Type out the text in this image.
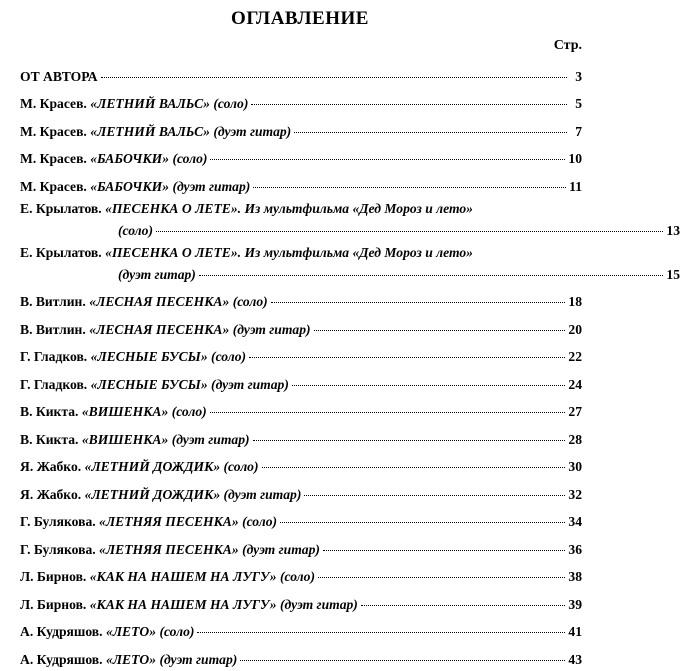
ОГЛАВЛЕНИЕ
Стр.
ОТ АВТОРА	3
М. Красев. «ЛЕТНИЙ ВАЛЬС» (соло)	5
М. Красев. «ЛЕТНИЙ ВАЛЬС» (дуэт гитар)	7
М. Красев. «БАБОЧКИ» (соло)	10
М. Красев. «БАБОЧКИ» (дуэт гитар)	11
Е. Крылатов. «ПЕСЕНКА О ЛЕТЕ». Из мультфильма «Дед Мороз и лето»
(соло)	13
Е. Крылатов. «ПЕСЕНКА О ЛЕТЕ». Из мультфильма «Дед Мороз и лето»
(дуэт гитар)	15
В. Витлин. «ЛЕСНАЯ ПЕСЕНКА» (соло)	18
В. Витлин. «ЛЕСНАЯ ПЕСЕНКА» (дуэт гитар)	20
Г. Гладков. «ЛЕСНЫЕ БУСЫ» (соло)	22
Г. Гладков. «ЛЕСНЫЕ БУСЫ» (дуэт гитар)	24
В. Кикта. «ВИШЕНКА» (соло)	27
В. Кикта. «ВИШЕНКА» (дуэт гитар)	28
Я. Жабко. «ЛЕТНИЙ ДОЖДИК» (соло)	30
Я. Жабко. «ЛЕТНИЙ ДОЖДИК» (дуэт гитар)	32
Г. Булякова. «ЛЕТНЯЯ ПЕСЕНКА» (соло)	34
Г. Булякова. «ЛЕТНЯЯ ПЕСЕНКА» (дуэт гитар)	36
Л. Бирнов. «КАК НА НАШЕМ НА ЛУГУ» (соло)	38
Л. Бирнов. «КАК НА НАШЕМ НА ЛУГУ» (дуэт гитар)	39
А. Кудряшов. «ЛЕТО» (соло)	41
А. Кудряшов. «ЛЕТО» (дуэт гитар)	43
